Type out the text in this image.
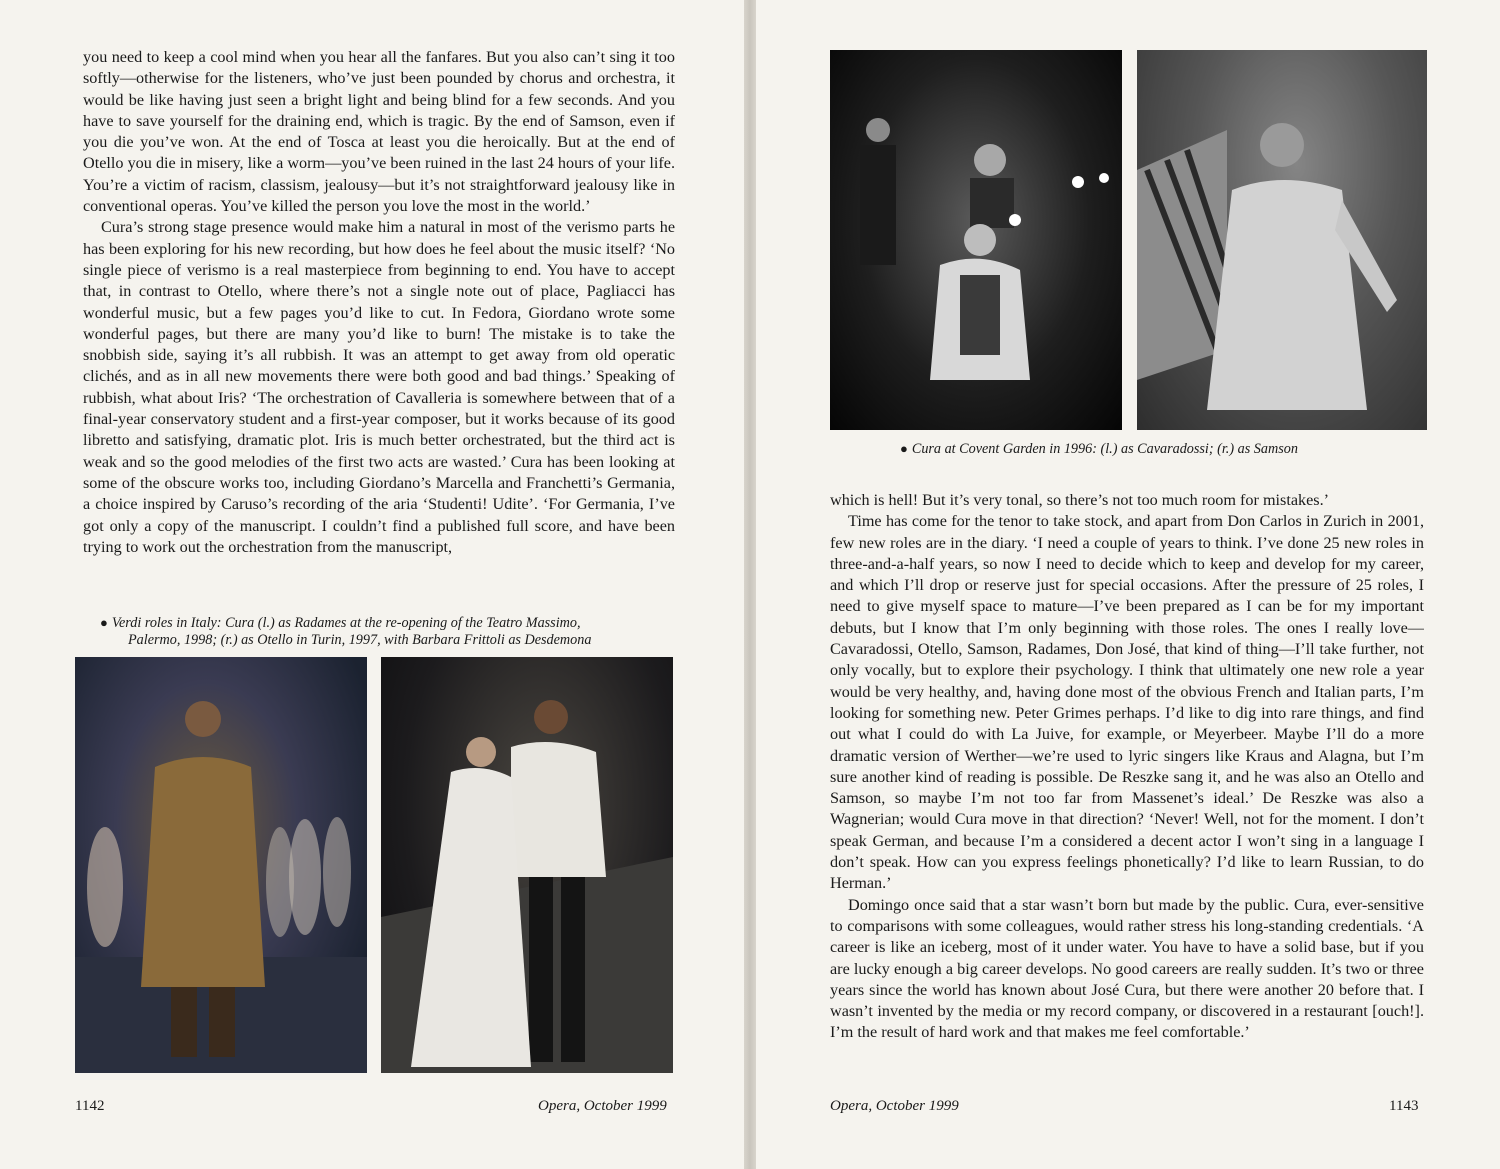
you need to keep a cool mind when you hear all the fanfares. But you also can’t sing it too softly—otherwise for the listeners, who’ve just been pounded by chorus and orchestra, it would be like having just seen a bright light and being blind for a few seconds. And you have to save yourself for the draining end, which is tragic. By the end of Samson, even if you die you’ve won. At the end of Tosca at least you die heroically. But at the end of Otello you die in misery, like a worm—you’ve been ruined in the last 24 hours of your life. You’re a victim of racism, classism, jealousy—but it’s not straightforward jealousy like in conventional operas. You’ve killed the person you love the most in the world.’

Cura’s strong stage presence would make him a natural in most of the verismo parts he has been exploring for his new recording, but how does he feel about the music itself? ‘No single piece of verismo is a real masterpiece from beginning to end. You have to accept that, in contrast to Otello, where there’s not a single note out of place, Pagliacci has wonderful music, but a few pages you’d like to cut. In Fedora, Giordano wrote some wonderful pages, but there are many you’d like to burn! The mistake is to take the snobbish side, saying it’s all rubbish. It was an attempt to get away from old operatic clichés, and as in all new movements there were both good and bad things.’ Speaking of rubbish, what about Iris? ‘The orchestration of Cavalleria is somewhere between that of a final-year conservatory student and a first-year composer, but it works because of its good libretto and satisfying, dramatic plot. Iris is much better orchestrated, but the third act is weak and so the good melodies of the first two acts are wasted.’ Cura has been looking at some of the obscure works too, including Giordano’s Marcella and Franchetti’s Germania, a choice inspired by Caruso’s recording of the aria ‘Studenti! Udite’. ‘For Germania, I’ve got only a copy of the manuscript. I couldn’t find a published full score, and have been trying to work out the orchestration from the manuscript,

● Verdi roles in Italy: Cura (l.) as Radames at the re-opening of the Teatro Massimo,
Palermo, 1998; (r.) as Otello in Turin, 1997, with Barbara Frittoli as Desdemona
1142	Opera, October 1999
● Cura at Covent Garden in 1996: (l.) as Cavaradossi; (r.) as Samson

which is hell! But it’s very tonal, so there’s not too much room for mistakes.’

Time has come for the tenor to take stock, and apart from Don Carlos in Zurich in 2001, few new roles are in the diary. ‘I need a couple of years to think. I’ve done 25 new roles in three-and-a-half years, so now I need to decide which to keep and develop for my career, and which I’ll drop or reserve just for special occasions. After the pressure of 25 roles, I need to give myself space to mature—I’ve been prepared as I can be for my important debuts, but I know that I’m only beginning with those roles. The ones I really love—Cavaradossi, Otello, Samson, Radames, Don José, that kind of thing—I’ll take further, not only vocally, but to explore their psychology. I think that ultimately one new role a year would be very healthy, and, having done most of the obvious French and Italian parts, I’m looking for something new. Peter Grimes perhaps. I’d like to dig into rare things, and find out what I could do with La Juive, for example, or Meyerbeer. Maybe I’ll do a more dramatic version of Werther—we’re used to lyric singers like Kraus and Alagna, but I’m sure another kind of reading is possible. De Reszke sang it, and he was also an Otello and Samson, so maybe I’m not too far from Massenet’s ideal.’ De Reszke was also a Wagnerian; would Cura move in that direction? ‘Never! Well, not for the moment. I don’t speak German, and because I’m a considered a decent actor I won’t sing in a language I don’t speak. How can you express feelings phonetically? I’d like to learn Russian, to do Herman.’

Domingo once said that a star wasn’t born but made by the public. Cura, ever-sensitive to comparisons with some colleagues, would rather stress his long-standing credentials. ‘A career is like an iceberg, most of it under water. You have to have a solid base, but if you are lucky enough a big career develops. No good careers are really sudden. It’s two or three years since the world has known about José Cura, but there were another 20 before that. I wasn’t invented by the media or my record company, or discovered in a restaurant [ouch!]. I’m the result of hard work and that makes me feel comfortable.’

Opera, October 1999	1143
